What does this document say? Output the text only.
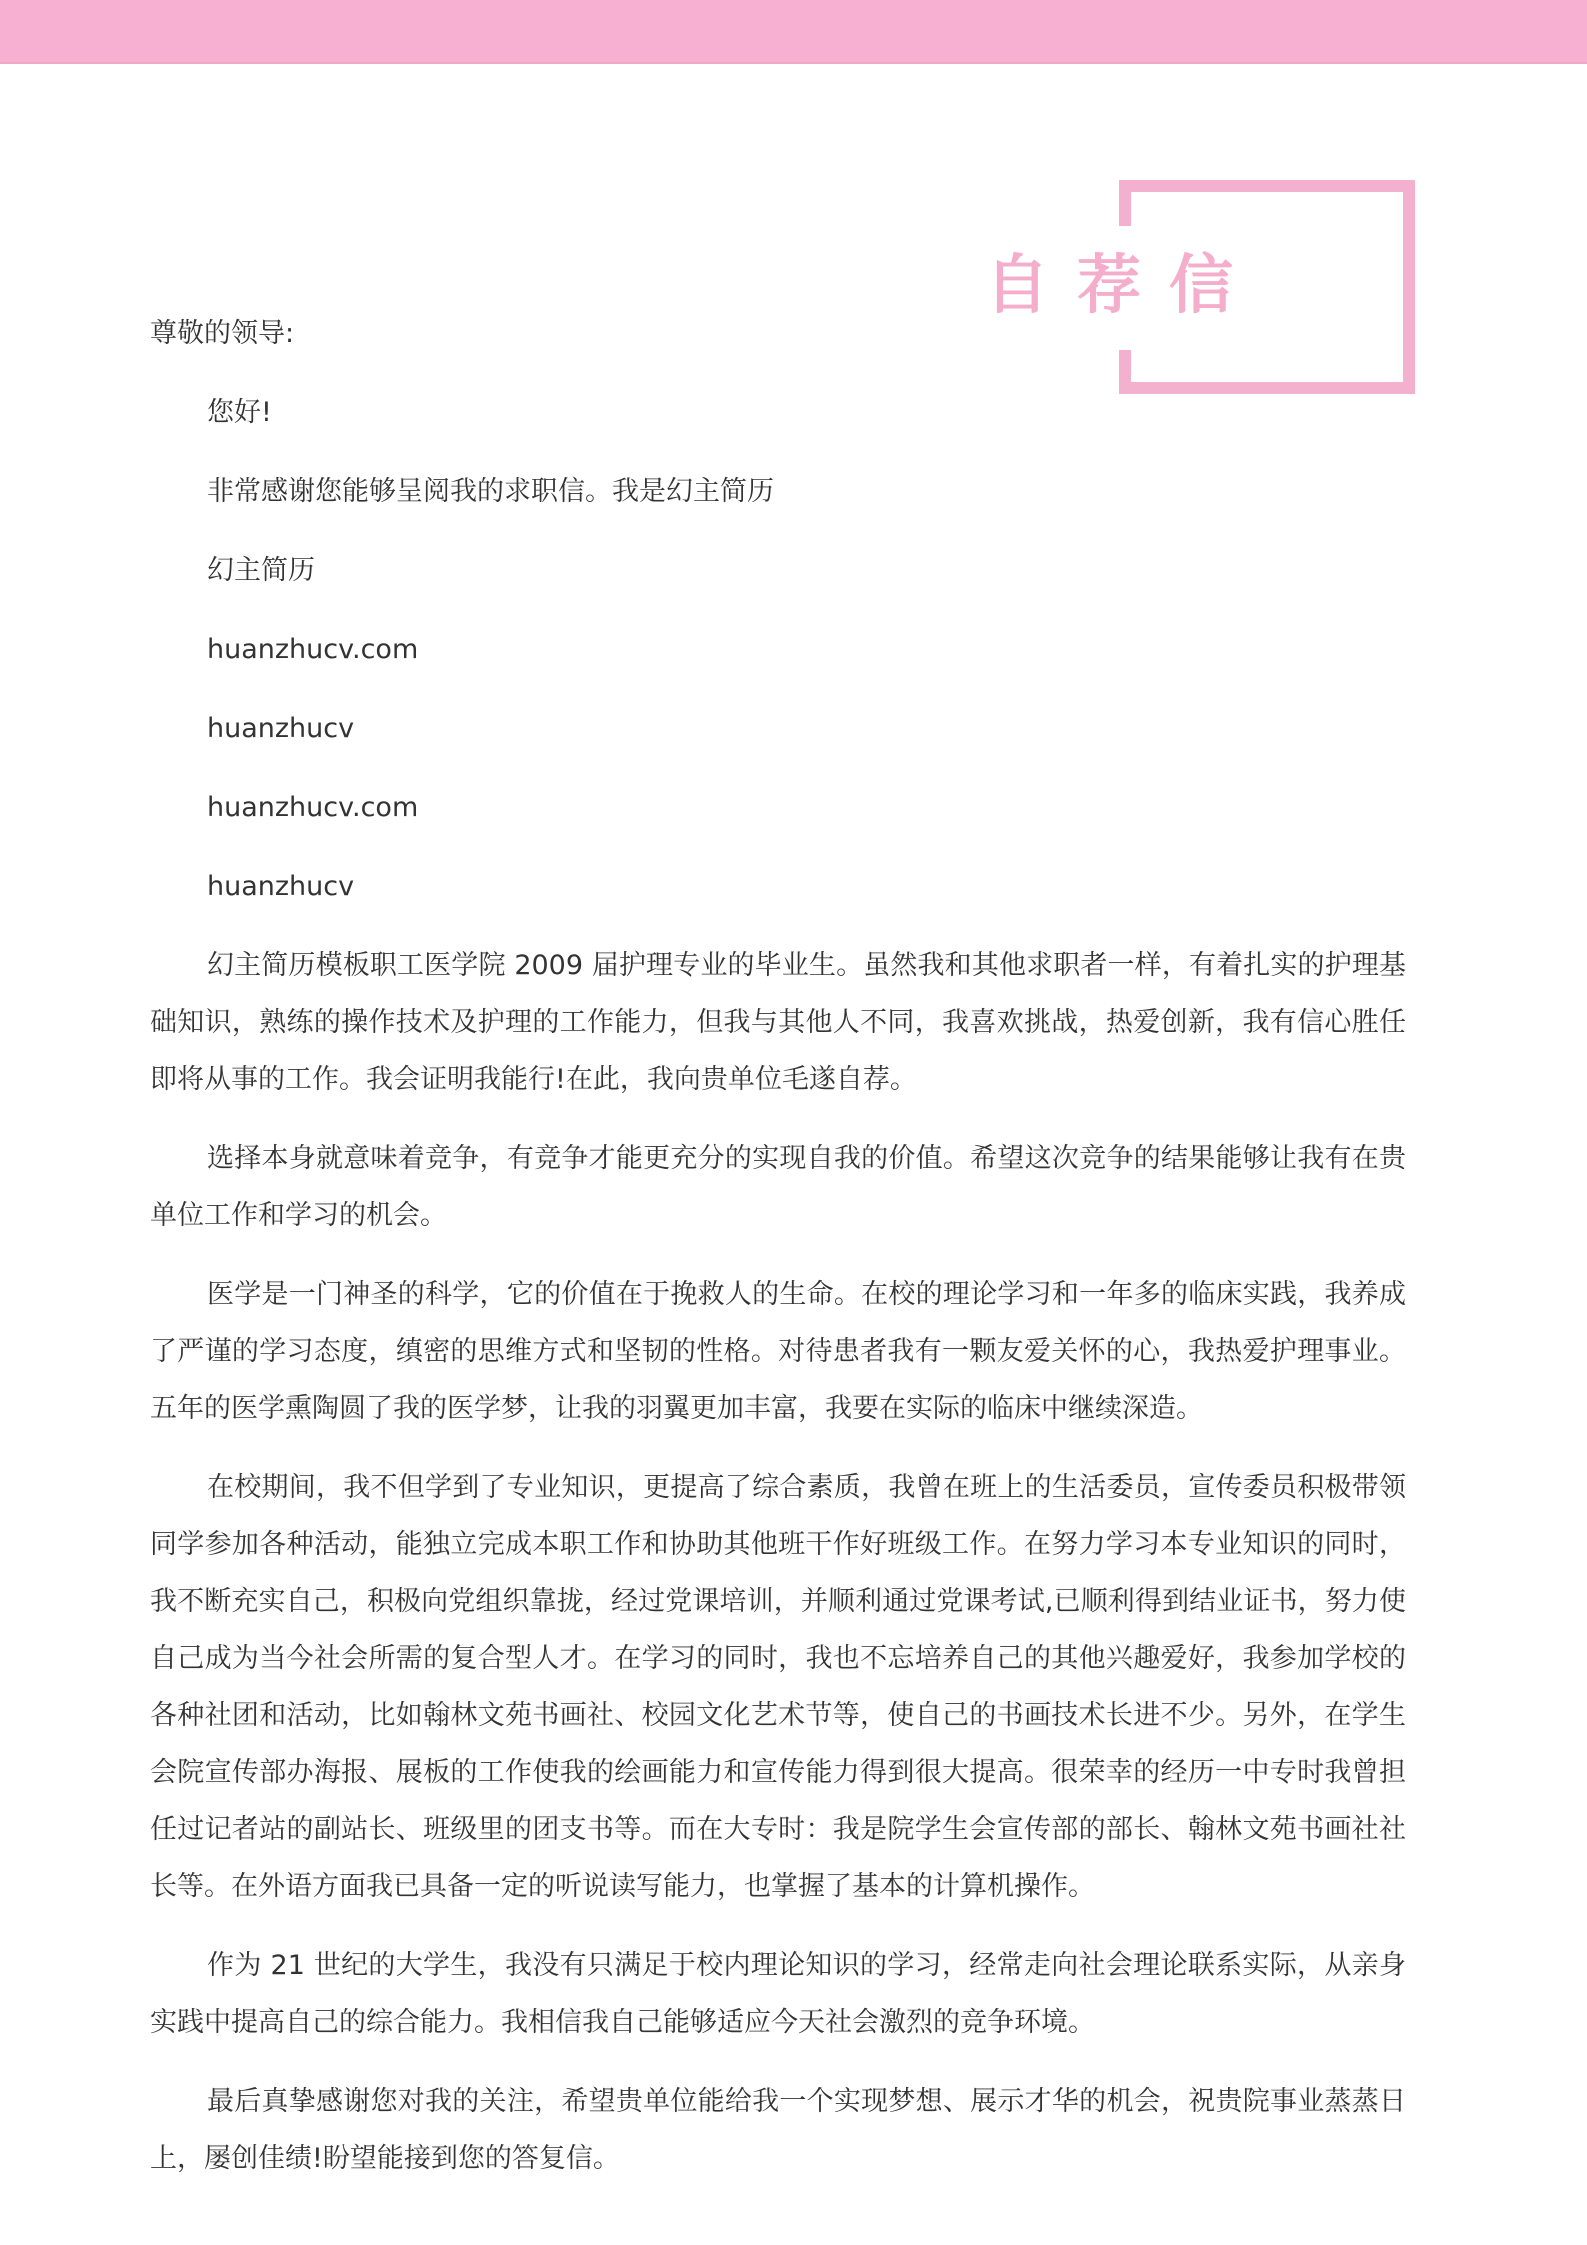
自荐信

尊敬的领导:

您好!

非常感谢您能够呈阅我的求职信。我是幻主简历

幻主简历

huanzhucv.com

huanzhucv

huanzhucv.com

huanzhucv

幻主简历模板职工医学院 2009 届护理专业的毕业生。虽然我和其他求职者一样，有着扎实的护理基础知识，熟练的操作技术及护理的工作能力，但我与其他人不同，我喜欢挑战，热爱创新，我有信心胜任即将从事的工作。我会证明我能行!在此，我向贵单位毛遂自荐。

选择本身就意味着竞争，有竞争才能更充分的实现自我的价值。希望这次竞争的结果能够让我有在贵单位工作和学习的机会。

医学是一门神圣的科学，它的价值在于挽救人的生命。在校的理论学习和一年多的临床实践，我养成了严谨的学习态度，缜密的思维方式和坚韧的性格。对待患者我有一颗友爱关怀的心，我热爱护理事业。五年的医学熏陶圆了我的医学梦，让我的羽翼更加丰富，我要在实际的临床中继续深造。

在校期间，我不但学到了专业知识，更提高了综合素质，我曾在班上的生活委员，宣传委员积极带领同学参加各种活动，能独立完成本职工作和协助其他班干作好班级工作。在努力学习本专业知识的同时，我不断充实自己，积极向党组织靠拢，经过党课培训，并顺利通过党课考试,已顺利得到结业证书，努力使自己成为当今社会所需的复合型人才。在学习的同时，我也不忘培养自己的其他兴趣爱好，我参加学校的各种社团和活动，比如翰林文苑书画社、校园文化艺术节等，使自己的书画技术长进不少。另外，在学生会院宣传部办海报、展板的工作使我的绘画能力和宣传能力得到很大提高。很荣幸的经历一中专时我曾担任过记者站的副站长、班级里的团支书等。而在大专时：我是院学生会宣传部的部长、翰林文苑书画社社长等。在外语方面我已具备一定的听说读写能力，也掌握了基本的计算机操作。

作为 21 世纪的大学生，我没有只满足于校内理论知识的学习，经常走向社会理论联系实际，从亲身实践中提高自己的综合能力。我相信我自己能够适应今天社会激烈的竞争环境。

最后真挚感谢您对我的关注，希望贵单位能给我一个实现梦想、展示才华的机会，祝贵院事业蒸蒸日上，屡创佳绩!盼望能接到您的答复信。
